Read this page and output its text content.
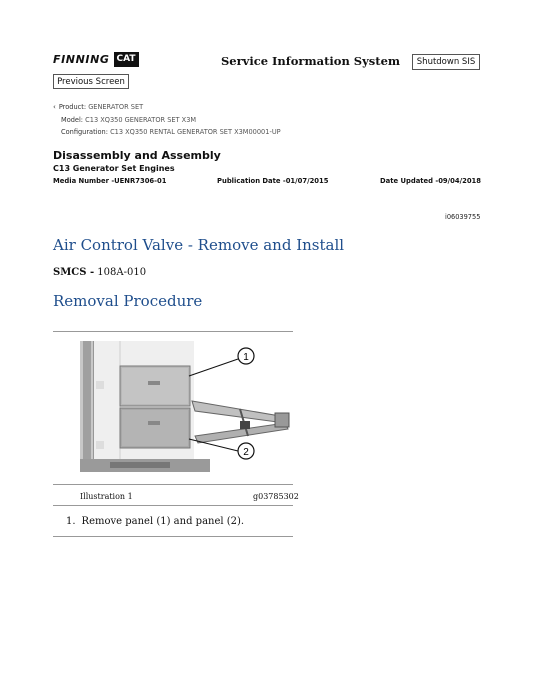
FINNING CAT
Previous Screen
Service Information System	Shutdown SIS
‹ Product: GENERATOR SET
Model: C13 XQ350 GENERATOR SET X3M
Configuration: C13 XQ350 RENTAL GENERATOR SET X3M00001-UP
Disassembly and Assembly
C13 Generator Set Engines
Media Number -UENR7306-01	Publication Date -01/07/2015	Date Updated -09/04/2018
i06039755
Air Control Valve - Remove and Install
SMCS - 108A-010
Removal Procedure
1
2
Illustration 1	g03785302
1. Remove panel (1) and panel (2).
